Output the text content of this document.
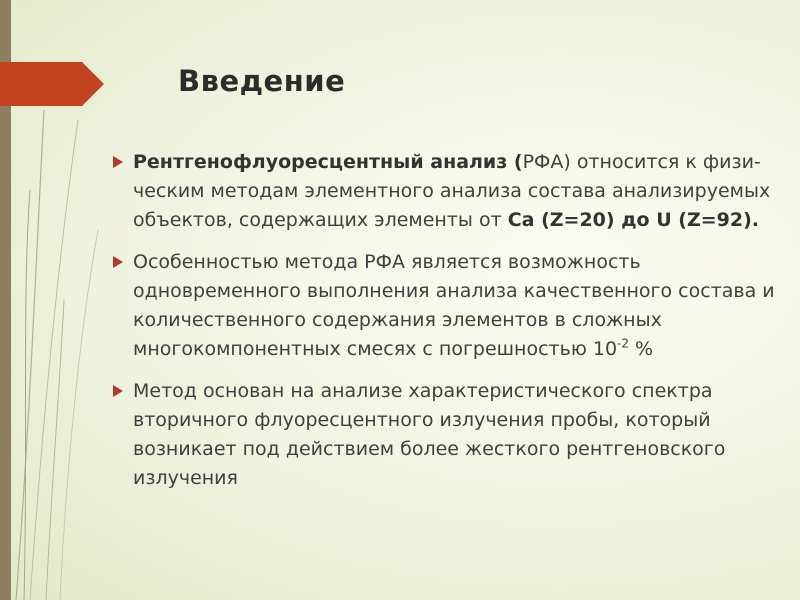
Введение
Рентгенофлуоресцентный анализ (РФА) относится к физи-ческим методам элементного анализа состава анализируемых объектов, содержащих элементы от Ca (Z=20) до U (Z=92).
Особенностью метода РФА является возможность одновременного выполнения анализа качественного состава и количественного содержания элементов в сложных многокомпонентных смесях с погрешностью $10^{-2}$ %
Метод основан на анализе характеристического спектра вторичного флуоресцентного излучения пробы, который возникает под действием более жесткого рентгеновского излучения
